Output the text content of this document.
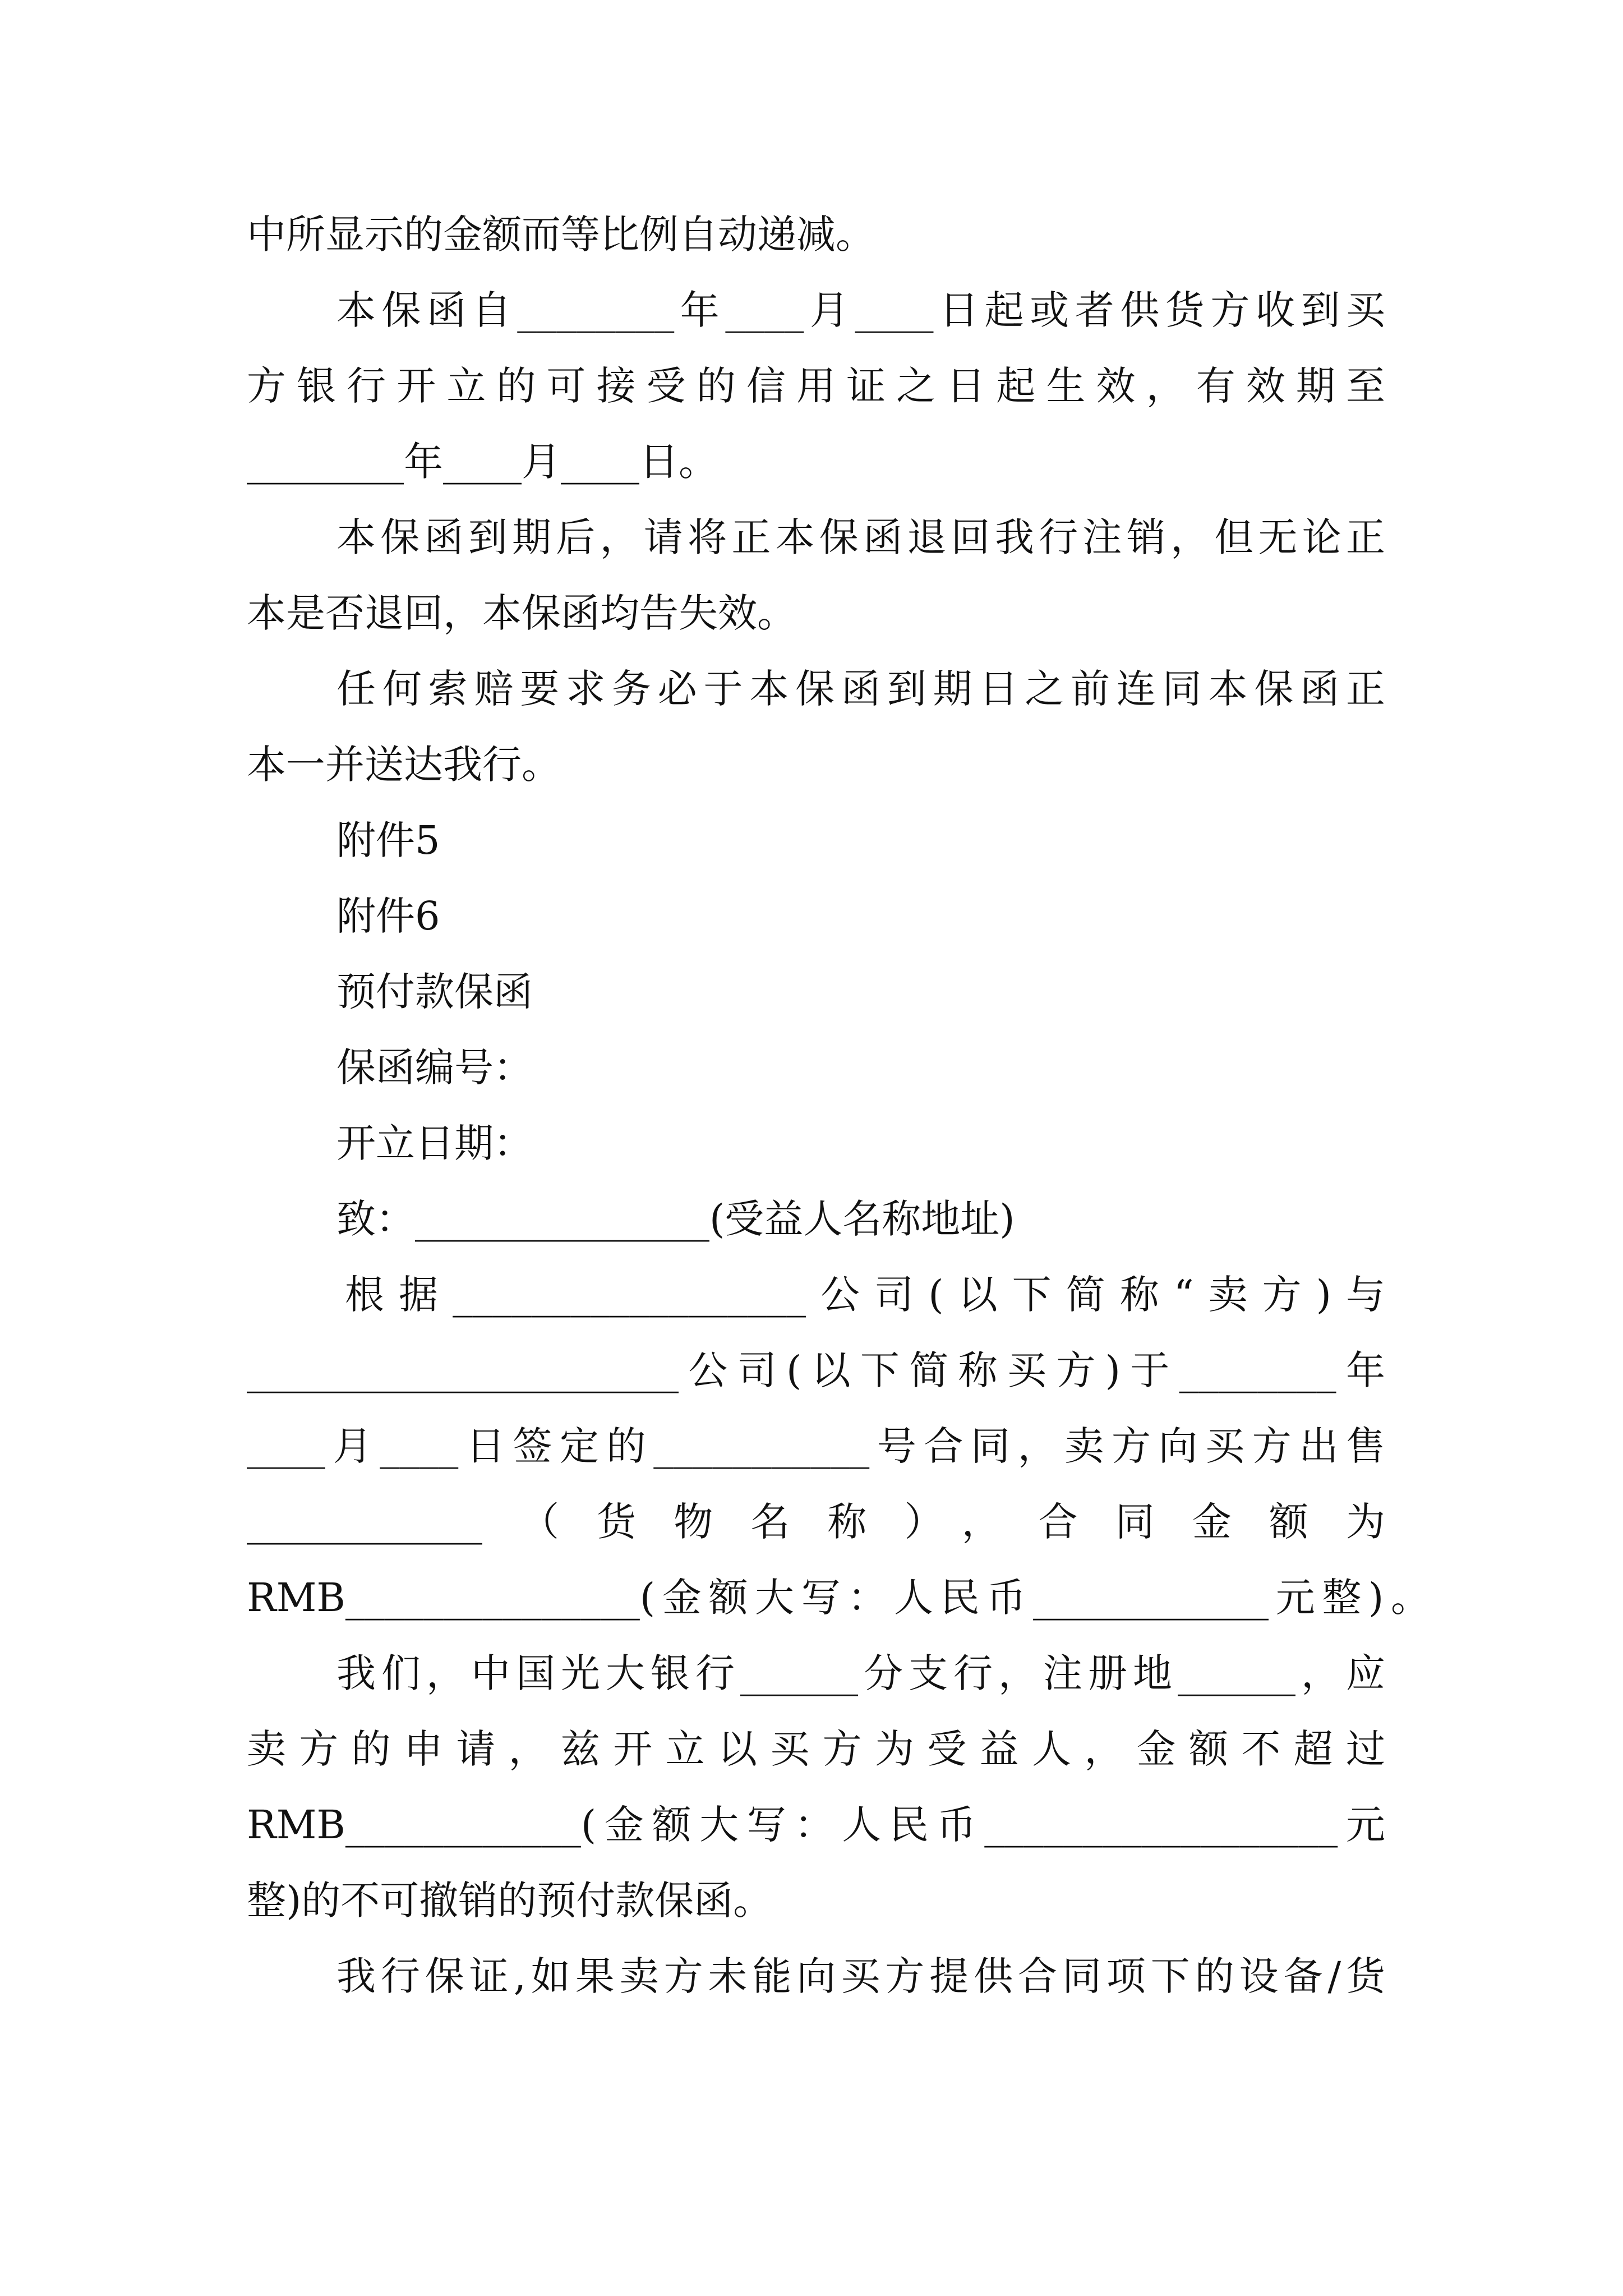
中所显示的金额而等比例自动递减。
本保函自________年____月____日起或者供货方收到买
方银行开立的可接受的信用证之日起生效，有效期至
________年____月____日。
本保函到期后，请将正本保函退回我行注销，但无论正
本是否退回，本保函均告失效。
任何索赔要求务必于本保函到期日之前连同本保函正
本一并送达我行。
附件5
附件6
预付款保函
保函编号：
开立日期：
致：_______________(受益人名称地址)
根据__________________公司(以下简称“卖方)与
______________________公司(以下简称买方)于________年
____月____日签定的___________号合同，卖方向买方出售
____________（货物名称），合同金额为
RMB_______________(金额大写：人民币____________元整)。
我们，中国光大银行______分支行，注册地______，应
卖方的申请，兹开立以买方为受益人，金额不超过
RMB____________(金额大写：人民币__________________元
整)的不可撤销的预付款保函。
我行保证,如果卖方未能向买方提供合同项下的设备/货
